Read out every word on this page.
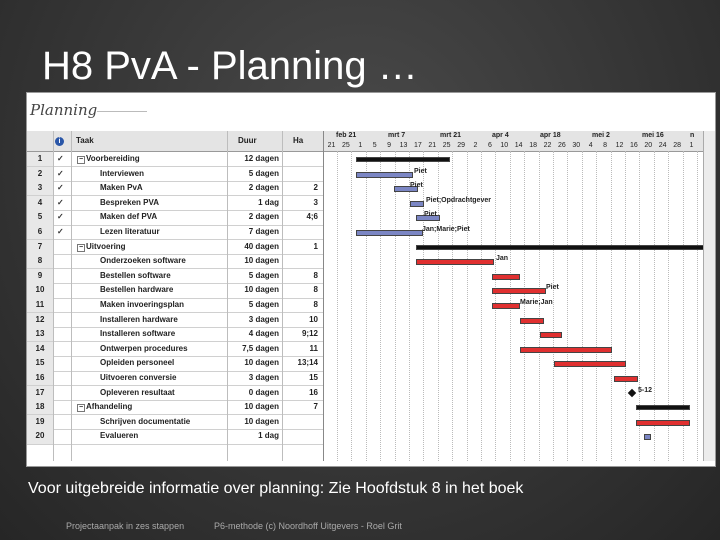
H8 PvA - Planning …
Planning
i	Taak	Duur	Ha
1	✓	− Voorbereiding	12 dagen
2	✓	Interviewen	5 dagen
3	✓	Maken PvA	2 dagen	2
4	✓	Bespreken PVA	1 dag	3
5	✓	Maken def PVA	2 dagen	4;6
6	✓	Lezen literatuur	7 dagen
7	− Uitvoering	40 dagen	1
8	Onderzoeken software	10 dagen
9	Bestellen software	5 dagen	8
10	Bestellen hardware	10 dagen	8
11	Maken invoeringsplan	5 dagen	8
12	Installeren hardware	3 dagen	10
13	Installeren software	4 dagen	9;12
14	Ontwerpen procedures	7,5 dagen	11
15	Opleiden personeel	10 dagen	13;14
16	Uitvoeren conversie	3 dagen	15
17	Opleveren resultaat	0 dagen	16
18	− Afhandeling	10 dagen	7
19	Schrijven documentatie	10 dagen
20	Evalueren	1 dag
feb 21	mrt 7	mrt 21	apr 4	apr 18	mei 2	mei 16	n
21 25	1	5	9	13 17 21 25 29	2	6	10 14 18 22 26 30	4	8	12 16 20 24 28	1
Piet
Piet
Piet;Opdrachtgever
Piet
Jan;Marie;Piet
Jan
Piet
Marie;Jan
5-12
Voor uitgebreide informatie over planning: Zie Hoofdstuk 8 in het boek
Projectaanpak in zes stappen	P6-methode (c) Noordhoff Uitgevers - Roel Grit
